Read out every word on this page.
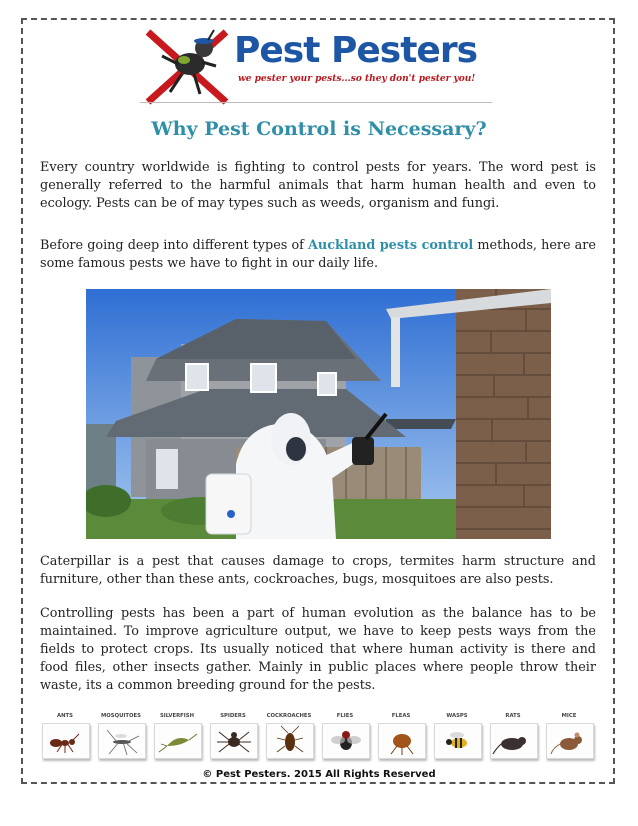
Pest Pesters
we pester your pests...so they don't pester you!
Why Pest Control is Necessary?

Every country worldwide is fighting to control pests for years. The word pest is generally referred to the harmful animals that harm human health and even to ecology. Pests can be of may types such as weeds, organism and fungi.

Before going deep into different types of Auckland pests control methods, here are some famous pests we have to fight in our daily life.

Caterpillar is a pest that causes damage to crops, termites harm structure and furniture, other than these ants, cockroaches, bugs, mosquitoes are also pests.

Controlling pests has been a part of human evolution as the balance has to be maintained. To improve agriculture output, we have to keep pests ways from the fields to protect crops. Its usually noticed that where human activity is there and food files, other insects gather. Mainly in public places where people throw their waste, its a common breeding ground for the pests.

ANTS	MOSQUITOES	SILVERFISH	SPIDERS	COCKROACHES	FLIES	FLEAS	WASPS	RATS	MICE
© Pest Pesters. 2015 All Rights Reserved
